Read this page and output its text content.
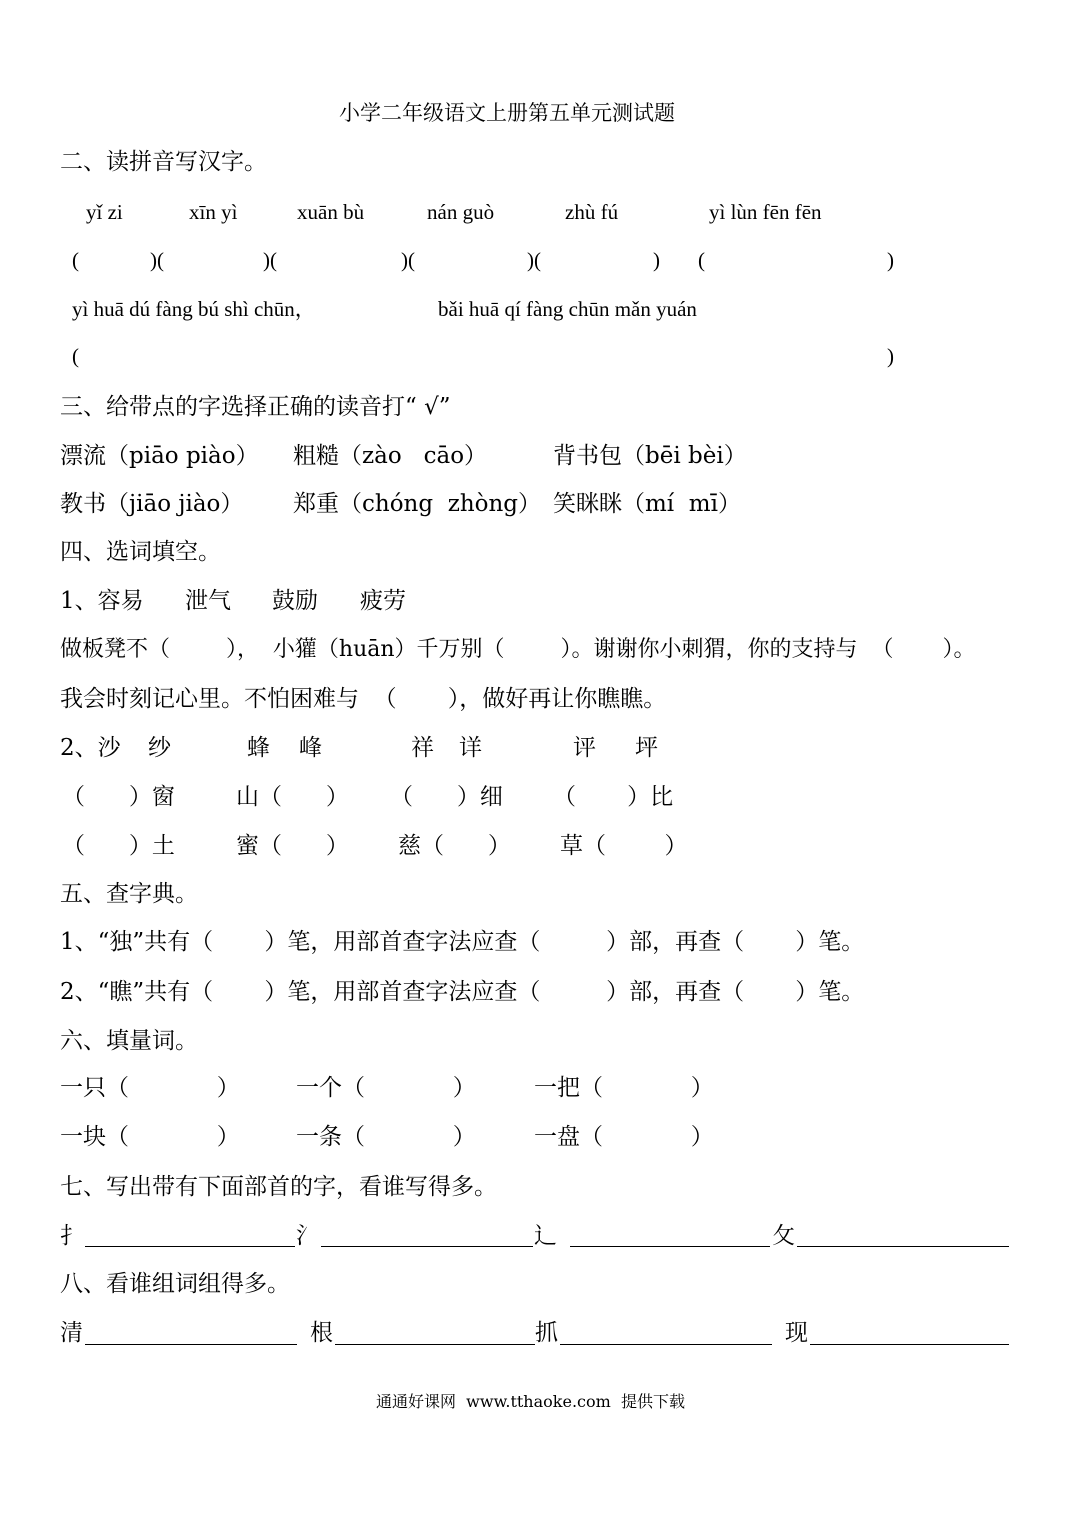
小学二年级语文上册第五单元测试题
二、读拼音写汉字。
yǐ zi	xīn yì	xuān bù	nán guò	zhù fú	yì lùn fēn fēn
(	)(	)(	)(	)(	) (	)
yì huā dú fàng bú shì chūn，	bǎi huā qí fàng chūn mǎn yuán
(	)
三、给带点的字选择正确的读音打“ √”
漂流（piāo piào） 粗糙（zào   cāo）	背书包（bēi bèi）
教书（jiāo jiào） 郑重（chóng  zhòng） 笑眯眯（mí  mī）
四、选词填空。
1、容易 泄气 鼓励 疲劳
做板凳不（        ），  小獾（huān）千万别（        ）。谢谢你小刺猬，你的支持与  （       ）。
我会时刻记心里。不怕困难与  （       ），做好再让你瞧瞧。
2、沙 纱	蜂 峰	祥 详	评 坪
（      ）窗	山（      ） （      ）细 （       ）比
（      ）土	蜜（      ） 慈（      ） 草（        ）
五、查字典。
1、“独”共有（       ）笔，用部首查字法应查（         ）部，再查（       ）笔。
2、“瞧”共有（       ）笔，用部首查字法应查（         ）部，再查（       ）笔。
六、填量词。
一只（            ） 一个（            ）	一把（            ）
一块（            ） 一条（            ）	一盘（            ）
七、写出带有下面部首的字，看谁写得多。
扌	氵	辶	攵
八、看谁组词组得多。
清	根	抓	现
通通好课网  www.tthaoke.com  提供下载
